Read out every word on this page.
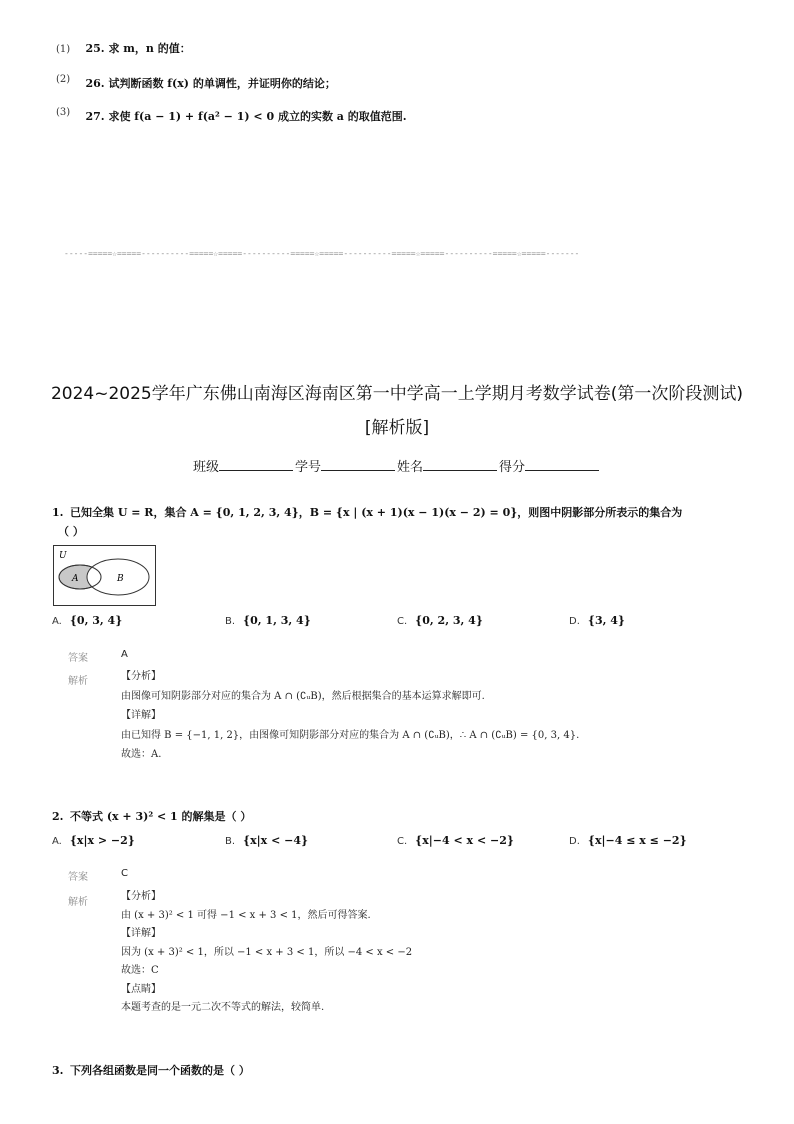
(1) 25. 求 m，n 的值：
(2) 26. 试判断函数 f(x) 的单调性，并证明你的结论；
(3) 27. 求使 f(a − 1) + f(a² − 1) < 0 成立的实数 a 的取值范围.
-----=====☆=====----------=====☆=====----------=====☆=====----------=====☆=====----------=====☆=====-------
2024~2025学年广东佛山南海区海南区第一中学高一上学期月考数学试卷(第一次阶段测试)[解析版]
班级	学号	姓名	得分
1. 已知全集 U = R，集合 A = {0, 1, 2, 3, 4}，B = {x | (x + 1)(x − 1)(x − 2) = 0}，则图中阴影部分所表示的集合为
（ ）
U
A	B
A. {0, 3, 4}	B. {0, 1, 3, 4}	C. {0, 2, 3, 4}	D. {3, 4}
答案	A
解析	【分析】
由图像可知阴影部分对应的集合为 A ∩ (∁ᵤB)，然后根据集合的基本运算求解即可.
【详解】
由已知得 B = {−1, 1, 2}，由图像可知阴影部分对应的集合为 A ∩ (∁ᵤB)，∴ A ∩ (∁ᵤB) = {0, 3, 4}.
故选：A.
2. 不等式 (x + 3)² < 1 的解集是（ ）
A. {x|x > −2}	B. {x|x < −4}	C. {x|−4 < x < −2}	D. {x|−4 ≤ x ≤ −2}
答案	C
解析
【分析】
由 (x + 3)² < 1 可得 −1 < x + 3 < 1，然后可得答案.
【详解】
因为 (x + 3)² < 1，所以 −1 < x + 3 < 1，所以 −4 < x < −2
故选：C
【点睛】
本题考查的是一元二次不等式的解法，较简单.
3. 下列各组函数是同一个函数的是（ ）
